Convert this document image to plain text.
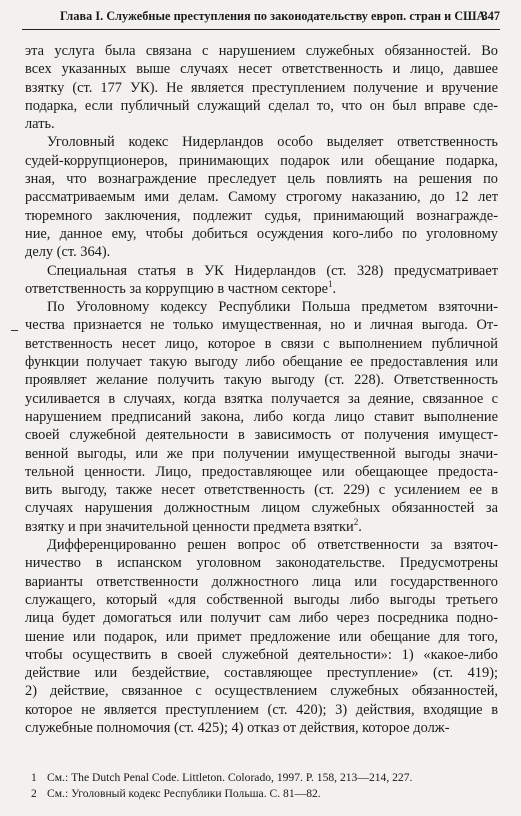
Глава I. Служебные преступления по законодательству европ. стран и США
347
эта услуга была связана с нарушением служебных обязанностей. Во
всех указанных выше случаях несет ответственность и лицо, давшее
взятку (ст. 177 УК). Не является преступлением получение и вручение
подарка, если публичный служащий сделал то, что он был вправе сде-
лать.
Уголовный кодекс Нидерландов особо выделяет ответственность
судей-коррупционеров, принимающих подарок или обещание подарка,
зная, что вознаграждение преследует цель повлиять на решения по
рассматриваемым ими делам. Самому строгому наказанию, до 12 лет
тюремного заключения, подлежит судья, принимающий вознагражде-
ние, данное ему, чтобы добиться осуждения кого-либо по уголовному
делу (ст. 364).
Специальная статья в УК Нидерландов (ст. 328) предусматривает
ответственность за коррупцию в частном секторе$^1$.
По Уголовному кодексу Республики Польша предметом взяточни-
чества признается не только имущественная, но и личная выгода. От-
ветственность несет лицо, которое в связи с выполнением публичной
функции получает такую выгоду либо обещание ее предоставления или
проявляет желание получить такую выгоду (ст. 228). Ответственность
усиливается в случаях, когда взятка получается за деяние, связанное с
нарушением предписаний закона, либо когда лицо ставит выполнение
своей служебной деятельности в зависимость от получения имущест-
венной выгоды, или же при получении имущественной выгоды значи-
тельной ценности. Лицо, предоставляющее или обещающее предоста-
вить выгоду, также несет ответственность (ст. 229) с усилением ее в
случаях нарушения должностным лицом служебных обязанностей за
взятку и при значительной ценности предмета взятки$^2$.
Дифференцированно решен вопрос об ответственности за взяточ-
ничество в испанском уголовном законодательстве. Предусмотрены
варианты ответственности должностного лица или государственного
служащего, который «для собственной выгоды либо выгоды третьего
лица будет домогаться или получит сам либо через посредника подно-
шение или подарок, или примет предложение или обещание для того,
чтобы осуществить в своей служебной деятельности»: 1) «какое-либо
действие или бездействие, составляющее преступление» (ст. 419);
2) действие, связанное с осуществлением служебных обязанностей,
которое не является преступлением (ст. 420); 3) действия, входящие в
служебные полномочия (ст. 425); 4) отказ от действия, которое долж-
1 См.: The Dutch Penal Code. Littleton. Colorado, 1997. P. 158, 213—214, 227.
2 См.: Уголовный кодекс Республики Польша. С. 81—82.
